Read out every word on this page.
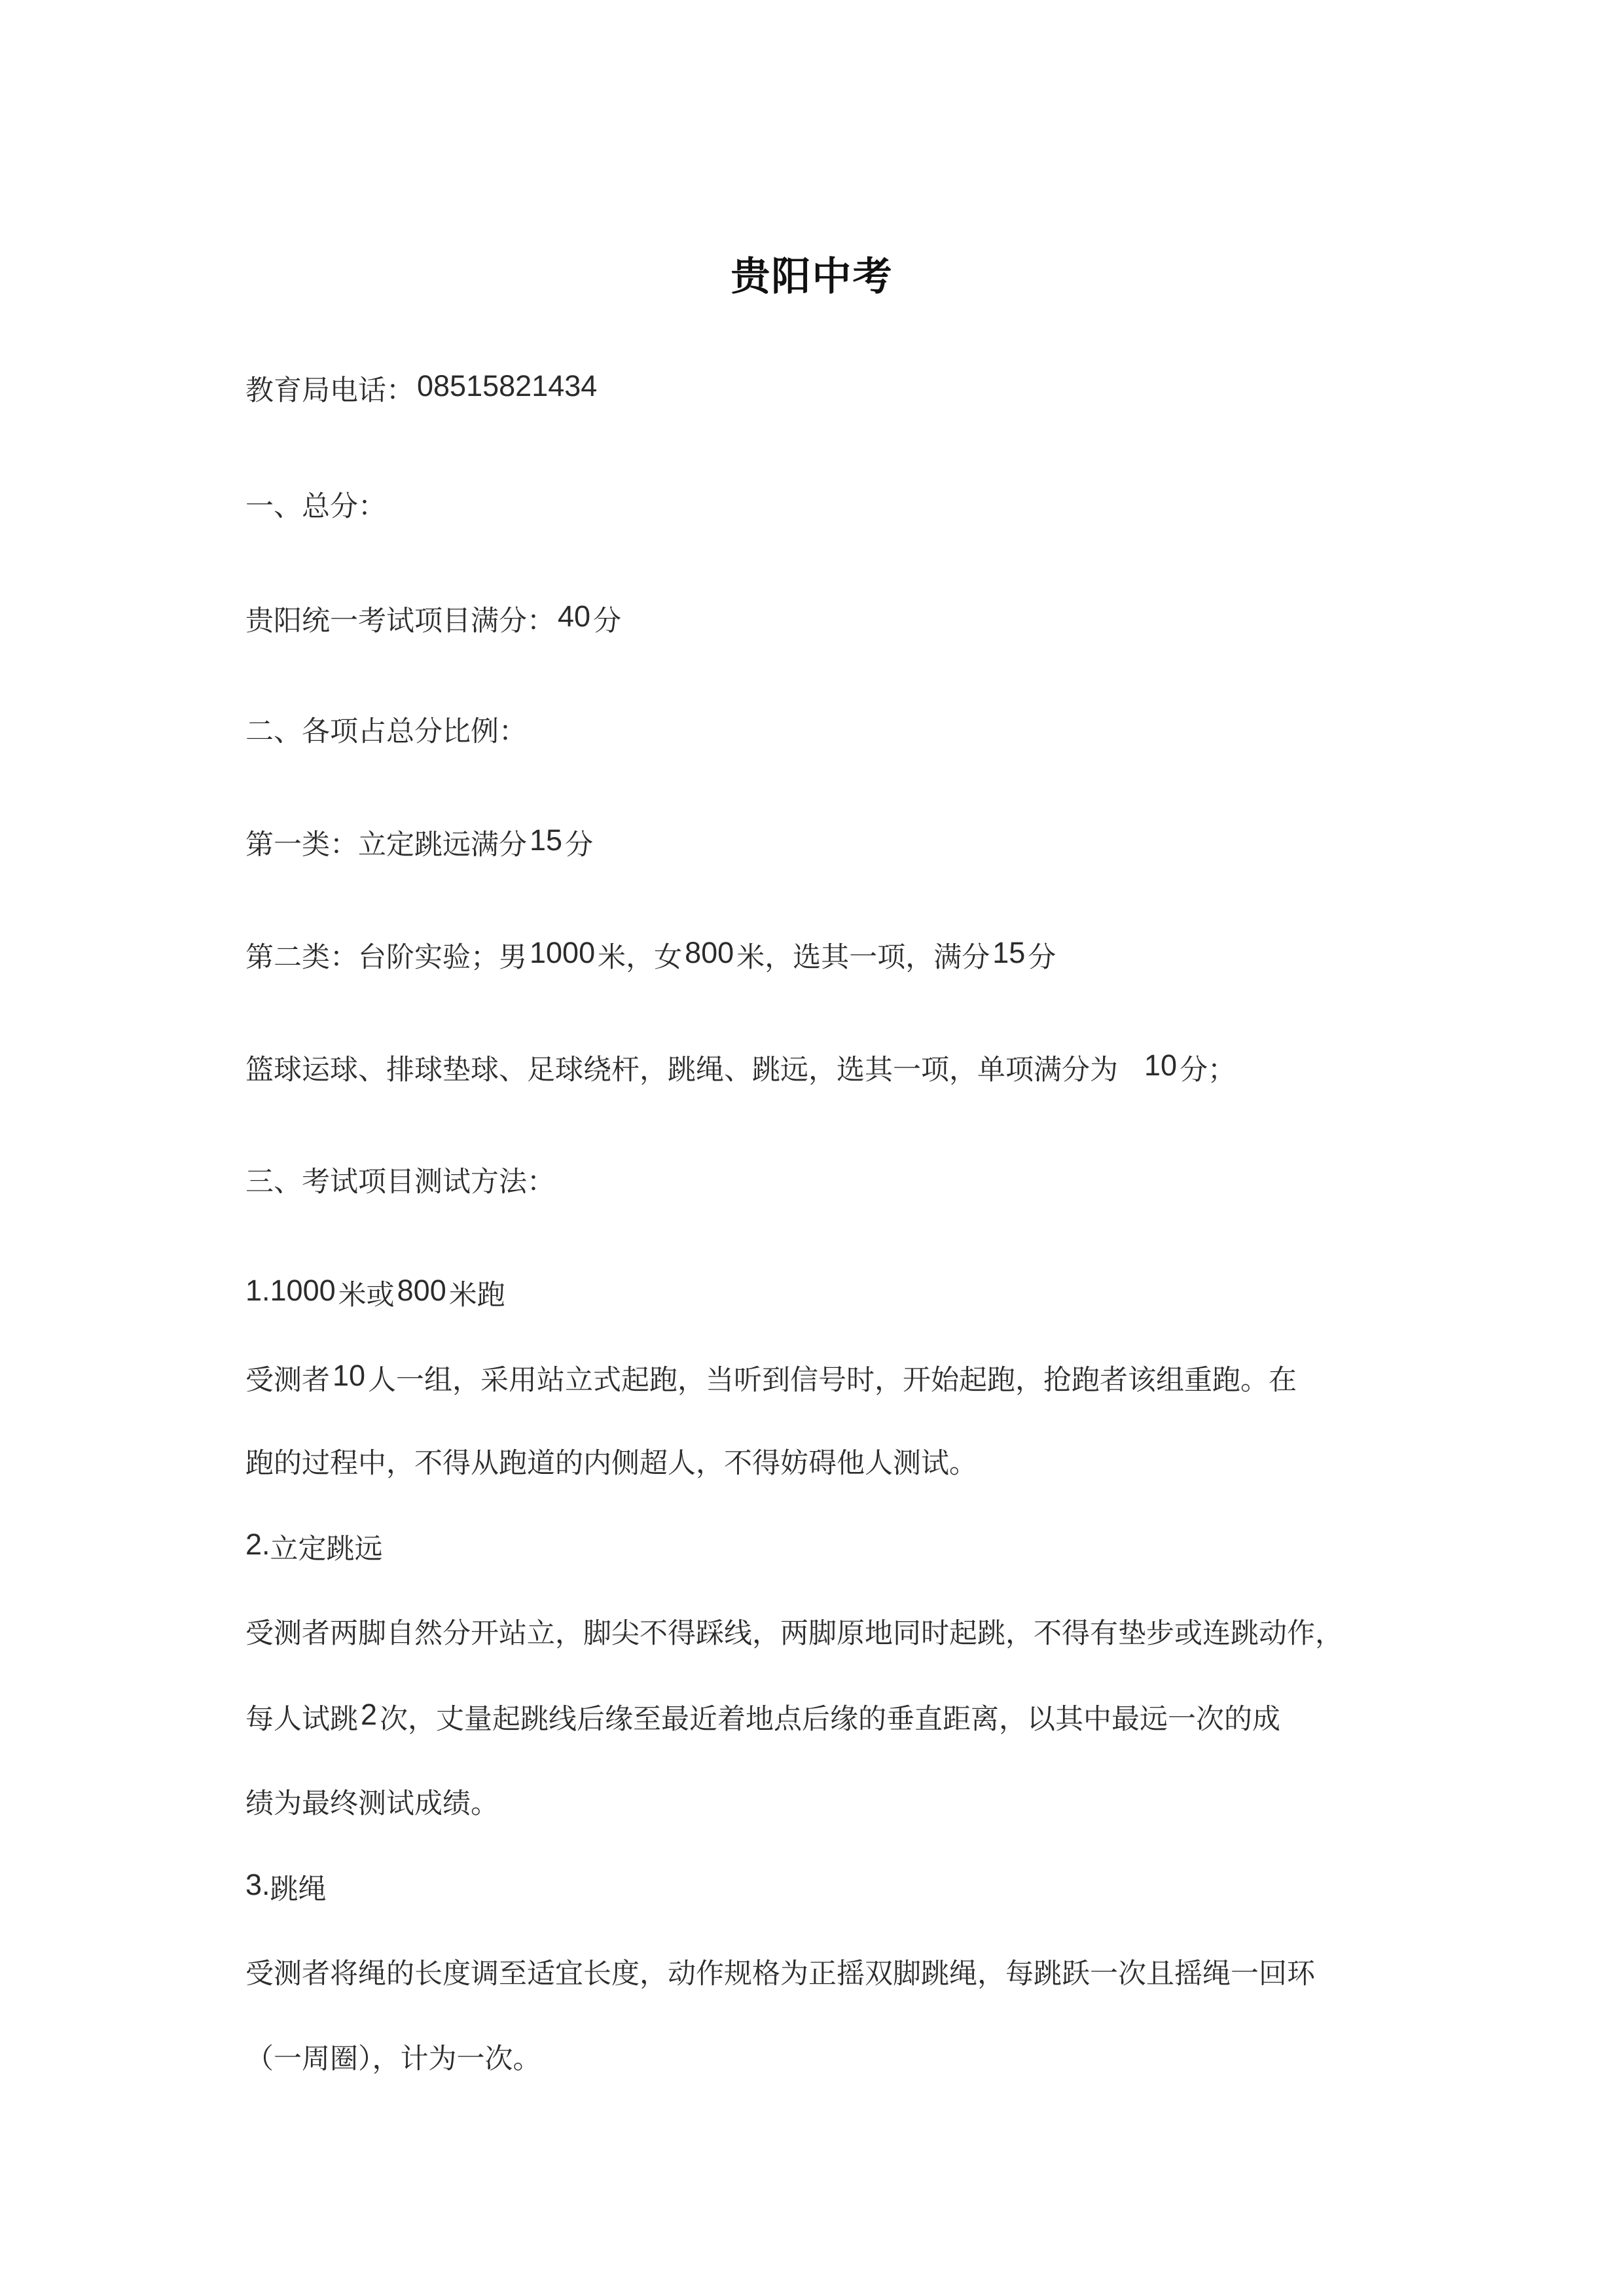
贵阳中考
教育局电话：08515821434
一、总分：
贵阳统一考试项目满分：40分
二、各项占总分比例：
第一类：立定跳远满分15分
第二类：台阶实验；男1000米，女800米，选其一项，满分15分
篮球运球、排球垫球、足球绕杆，跳绳、跳远，选其一项，单项满分为 10分；
三、考试项目测试方法：
1.1000米或800米跑
受测者10人一组，采用站立式起跑，当听到信号时，开始起跑，抢跑者该组重跑。在
跑的过程中，不得从跑道的内侧超人，不得妨碍他人测试。
2.立定跳远
受测者两脚自然分开站立，脚尖不得踩线，两脚原地同时起跳，不得有垫步或连跳动作，
每人试跳2次，丈量起跳线后缘至最近着地点后缘的垂直距离，以其中最远一次的成
绩为最终测试成绩。
3.跳绳
受测者将绳的长度调至适宜长度，动作规格为正摇双脚跳绳，每跳跃一次且摇绳一回环
（一周圈），计为一次。
